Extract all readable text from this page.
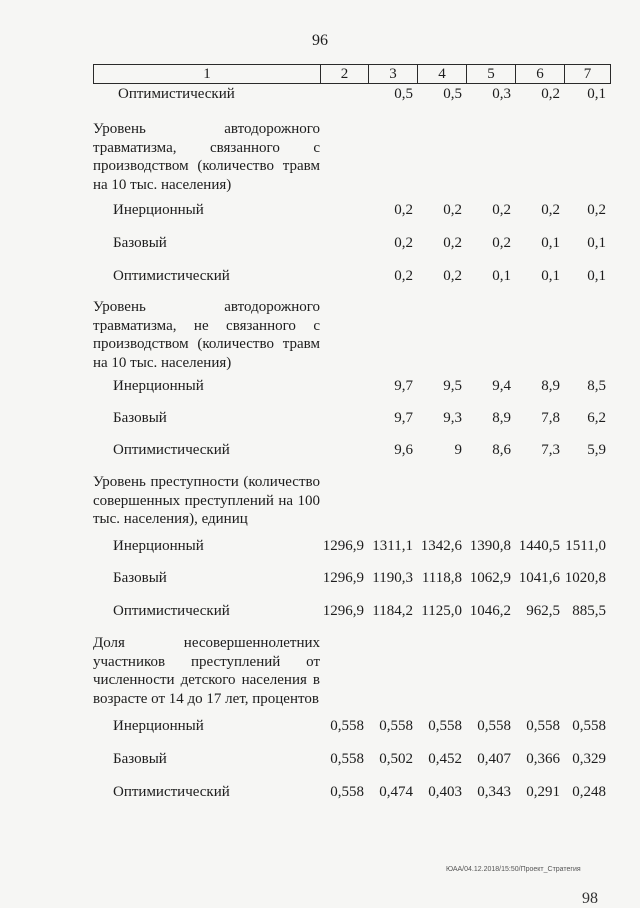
96
1	2	3	4	5	6	7
Оптимистический		0,5	0,5	0,3	0,2	0,1
Уровень автодорожного травматизма, связанного с производством (количество травм на 10 тыс. населения)						
Инерционный		0,2	0,2	0,2	0,2	0,2
Базовый		0,2	0,2	0,2	0,1	0,1
Оптимистический		0,2	0,2	0,1	0,1	0,1
Уровень автодорожного травматизма, не связанного с производством (количество травм на 10 тыс. населения)						
Инерционный		9,7	9,5	9,4	8,9	8,5
Базовый		9,7	9,3	8,9	7,8	6,2
Оптимистический		9,6	9	8,6	7,3	5,9
Уровень преступности (количество совершенных преступлений на 100 тыс. населения), единиц						
Инерционный	1296,9	1311,1	1342,6	1390,8	1440,5	1511,0
Базовый	1296,9	1190,3	1118,8	1062,9	1041,6	1020,8
Оптимистический	1296,9	1184,2	1125,0	1046,2	962,5	885,5
Доля несовершеннолетних участников преступлений от численности детского населения в возрасте от 14 до 17 лет, процентов						
Инерционный	0,558	0,558	0,558	0,558	0,558	0,558
Базовый	0,558	0,502	0,452	0,407	0,366	0,329
Оптимистический	0,558	0,474	0,403	0,343	0,291	0,248
ЮАА/04.12.2018/15:50/Проект_Стратегия
98
